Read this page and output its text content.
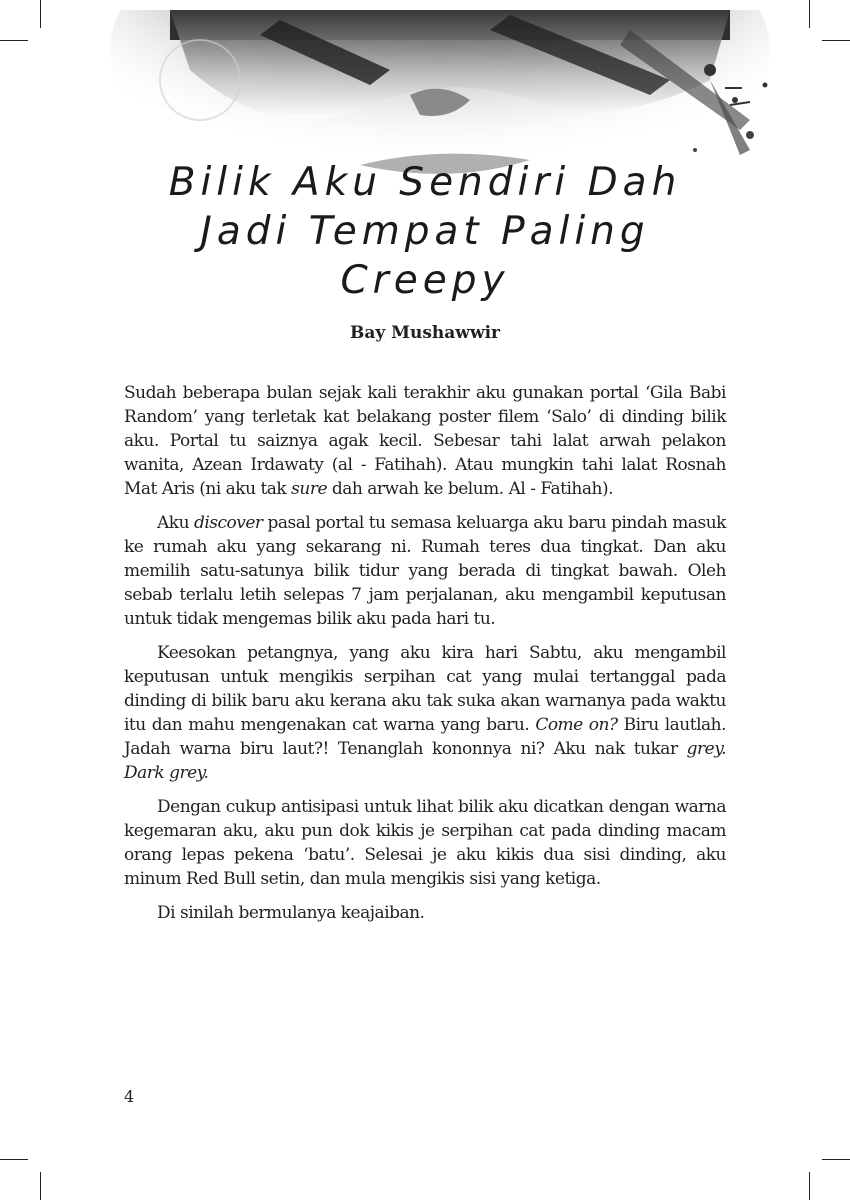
Bilik Aku Sendiri Dah
Jadi Tempat Paling
Creepy

Bay Mushawwir

Sudah beberapa bulan sejak kali terakhir aku gunakan portal ‘Gila Babi Random’ yang terletak kat belakang poster filem ‘Salo’ di dinding bilik aku. Portal tu saiznya agak kecil. Sebesar tahi lalat arwah pelakon wanita, Azean Irdawaty (al - Fatihah). Atau mungkin tahi lalat Rosnah Mat Aris (ni aku tak sure dah arwah ke belum. Al - Fatihah).

Aku discover pasal portal tu semasa keluarga aku baru pindah masuk ke rumah aku yang sekarang ni. Rumah teres dua tingkat. Dan aku memilih satu-satunya bilik tidur yang berada di tingkat bawah. Oleh sebab terlalu letih selepas 7 jam perjalanan, aku mengambil keputusan untuk tidak mengemas bilik aku pada hari tu.

Keesokan petangnya, yang aku kira hari Sabtu, aku mengambil keputusan untuk mengikis serpihan cat yang mulai tertanggal pada dinding di bilik baru aku kerana aku tak suka akan warnanya pada waktu itu dan mahu mengenakan cat warna yang baru. Come on? Biru lautlah. Jadah warna biru laut?! Tenanglah kononnya ni? Aku nak tukar grey. Dark grey.

Dengan cukup antisipasi untuk lihat bilik aku dicatkan dengan warna kegemaran aku, aku pun dok kikis je serpihan cat pada dinding macam orang lepas pekena ‘batu’. Selesai je aku kikis dua sisi dinding, aku minum Red Bull setin, dan mula mengikis sisi yang ketiga.

Di sinilah bermulanya keajaiban.

4
